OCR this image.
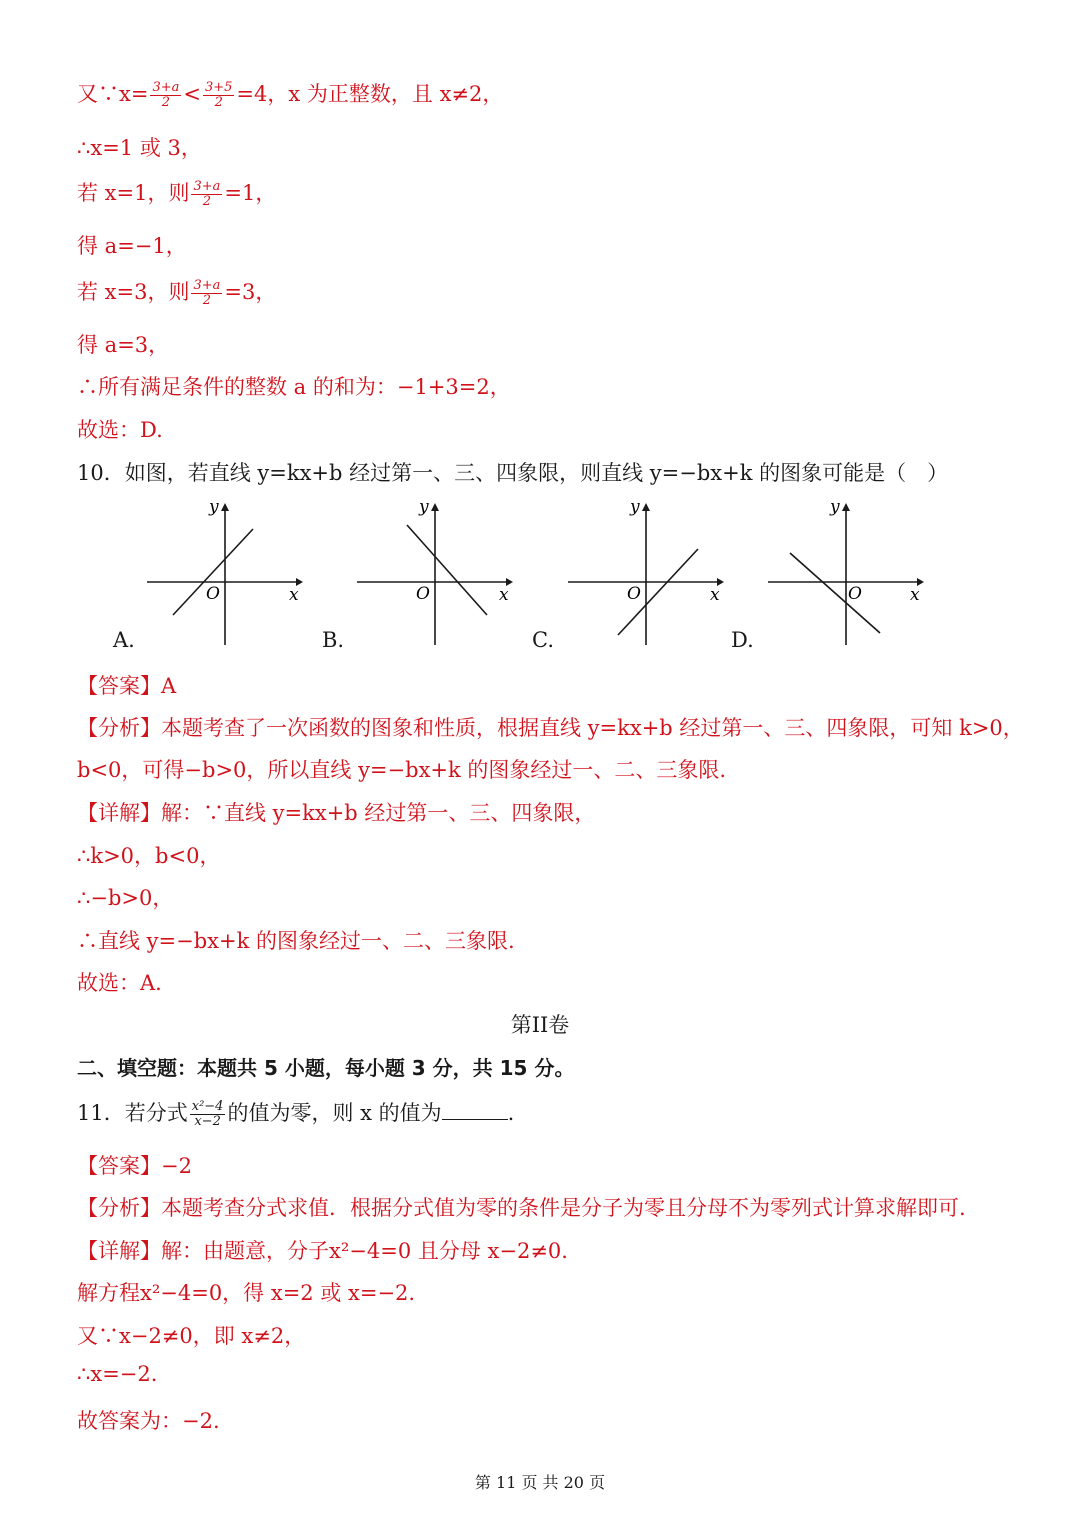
又∵x= $\frac{3+a}{2} < \frac{3+5}{2} =4$，x 为正整数，且 x≠2，
∴x=1 或 3，
若 x=1，则 $\frac{3+a}{2} =1$，
得 a=−1，
若 x=3，则 $\frac{3+a}{2} =3$，
得 a=3，
∴所有满足条件的整数 a 的和为：−1+3=2，
故选：D.
10．如图，若直线 y=kx+b 经过第一、三、四象限，则直线 y=−bx+k 的图象可能是（　）
y
O	x
A.
y
O	x
B.
y
O	x
C.
y
O	x
D.
【答案】A
【分析】本题考查了一次函数的图象和性质，根据直线 y=kx+b 经过第一、三、四象限，可知 k>0，
b<0，可得−b>0，所以直线 y=−bx+k 的图象经过一、二、三象限.
【详解】解：∵直线 y=kx+b 经过第一、三、四象限，
∴k>0，b<0，
∴−b>0，
∴直线 y=−bx+k 的图象经过一、二、三象限.
故选：A.
第II卷
二、填空题：本题共 5 小题，每小题 3 分，共 15 分。
11．若分式 $\frac{\text{x²−4}}{x-2}$ 的值为零，则 x 的值为	.
【答案】−2
【分析】本题考查分式求值．根据分式值为零的条件是分子为零且分母不为零列式计算求解即可.
【详解】解：由题意，分子x²−4=0 且分母 x−2≠0.
解方程x²−4=0，得 x=2 或 x=−2.
又∵x−2≠0，即 x≠2，
∴x=−2.
故答案为：−2.
第 11 页 共 20 页
